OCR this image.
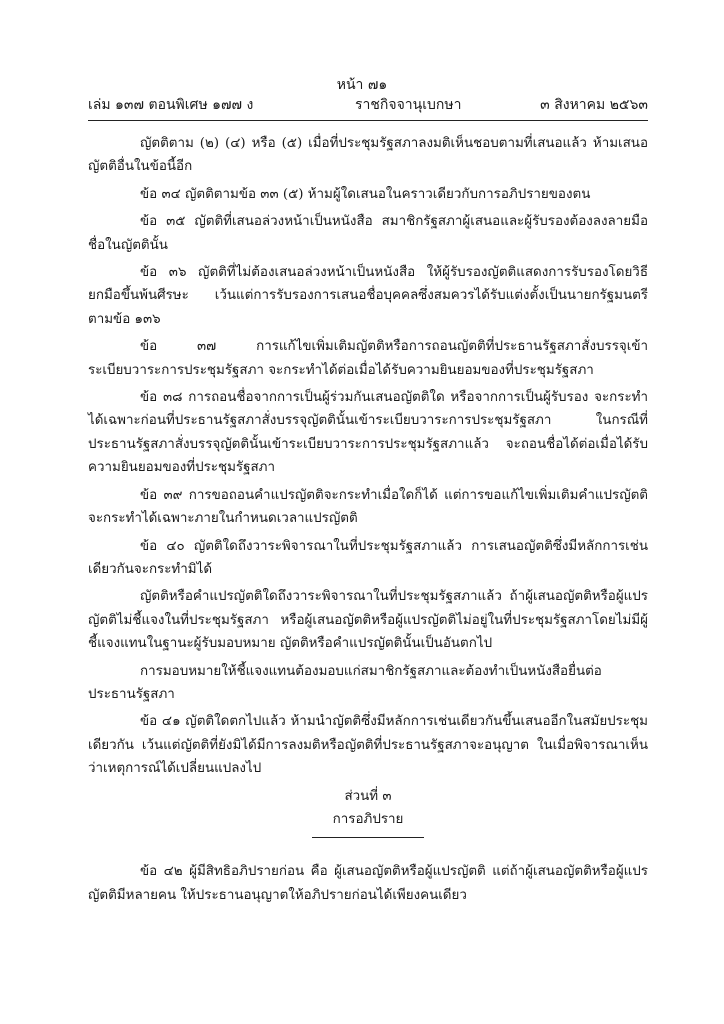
หน้า ๗๑
เล่ม ๑๓๗ ตอนพิเศษ ๑๗๗ ง	ราชกิจจานุเบกษา	๓ สิงหาคม ๒๕๖๓

ญัตติตาม (๒) (๔) หรือ (๕) เมื่อที่ประชุมรัฐสภาลงมติเห็นชอบตามที่เสนอแล้ว ห้ามเสนอญัตติอื่นในข้อนี้อีก

ข้อ ๓๔ ญัตติตามข้อ ๓๓ (๕) ห้ามผู้ใดเสนอในคราวเดียวกับการอภิปรายของตน

ข้อ ๓๕ ญัตติที่เสนอล่วงหน้าเป็นหนังสือ สมาชิกรัฐสภาผู้เสนอและผู้รับรองต้องลงลายมือชื่อในญัตตินั้น

ข้อ ๓๖ ญัตติที่ไม่ต้องเสนอล่วงหน้าเป็นหนังสือ ให้ผู้รับรองญัตติแสดงการรับรองโดยวิธียกมือขึ้นพ้นศีรษะ เว้นแต่การรับรองการเสนอชื่อบุคคลซึ่งสมควรได้รับแต่งตั้งเป็นนายกรัฐมนตรีตามข้อ ๑๓๖

ข้อ ๓๗ การแก้ไขเพิ่มเติมญัตติหรือการถอนญัตติที่ประธานรัฐสภาสั่งบรรจุเข้าระเบียบวาระการประชุมรัฐสภา จะกระทำได้ต่อเมื่อได้รับความยินยอมของที่ประชุมรัฐสภา

ข้อ ๓๘ การถอนชื่อจากการเป็นผู้ร่วมกันเสนอญัตติใด หรือจากการเป็นผู้รับรอง จะกระทำได้เฉพาะก่อนที่ประธานรัฐสภาสั่งบรรจุญัตตินั้นเข้าระเบียบวาระการประชุมรัฐสภา ในกรณีที่ประธานรัฐสภาสั่งบรรจุญัตตินั้นเข้าระเบียบวาระการประชุมรัฐสภาแล้ว จะถอนชื่อได้ต่อเมื่อได้รับความยินยอมของที่ประชุมรัฐสภา

ข้อ ๓๙ การขอถอนคำแปรญัตติจะกระทำเมื่อใดก็ได้ แต่การขอแก้ไขเพิ่มเติมคำแปรญัตติจะกระทำได้เฉพาะภายในกำหนดเวลาแปรญัตติ

ข้อ ๔๐ ญัตติใดถึงวาระพิจารณาในที่ประชุมรัฐสภาแล้ว การเสนอญัตติซึ่งมีหลักการเช่นเดียวกันจะกระทำมิได้

ญัตติหรือคำแปรญัตติใดถึงวาระพิจารณาในที่ประชุมรัฐสภาแล้ว ถ้าผู้เสนอญัตติหรือผู้แปรญัตติไม่ชี้แจงในที่ประชุมรัฐสภา หรือผู้เสนอญัตติหรือผู้แปรญัตติไม่อยู่ในที่ประชุมรัฐสภาโดยไม่มีผู้ชี้แจงแทนในฐานะผู้รับมอบหมาย ญัตติหรือคำแปรญัตตินั้นเป็นอันตกไป

การมอบหมายให้ชี้แจงแทนต้องมอบแก่สมาชิกรัฐสภาและต้องทำเป็นหนังสือยื่นต่อประธานรัฐสภา

ข้อ ๔๑ ญัตติใดตกไปแล้ว ห้ามนำญัตติซึ่งมีหลักการเช่นเดียวกันขึ้นเสนออีกในสมัยประชุมเดียวกัน เว้นแต่ญัตติที่ยังมิได้มีการลงมติหรือญัตติที่ประธานรัฐสภาจะอนุญาต ในเมื่อพิจารณาเห็นว่าเหตุการณ์ได้เปลี่ยนแปลงไป

ส่วนที่ ๓
การอภิปราย

ข้อ ๔๒ ผู้มีสิทธิอภิปรายก่อน คือ ผู้เสนอญัตติหรือผู้แปรญัตติ แต่ถ้าผู้เสนอญัตติหรือผู้แปรญัตติมีหลายคน ให้ประธานอนุญาตให้อภิปรายก่อนได้เพียงคนเดียว
